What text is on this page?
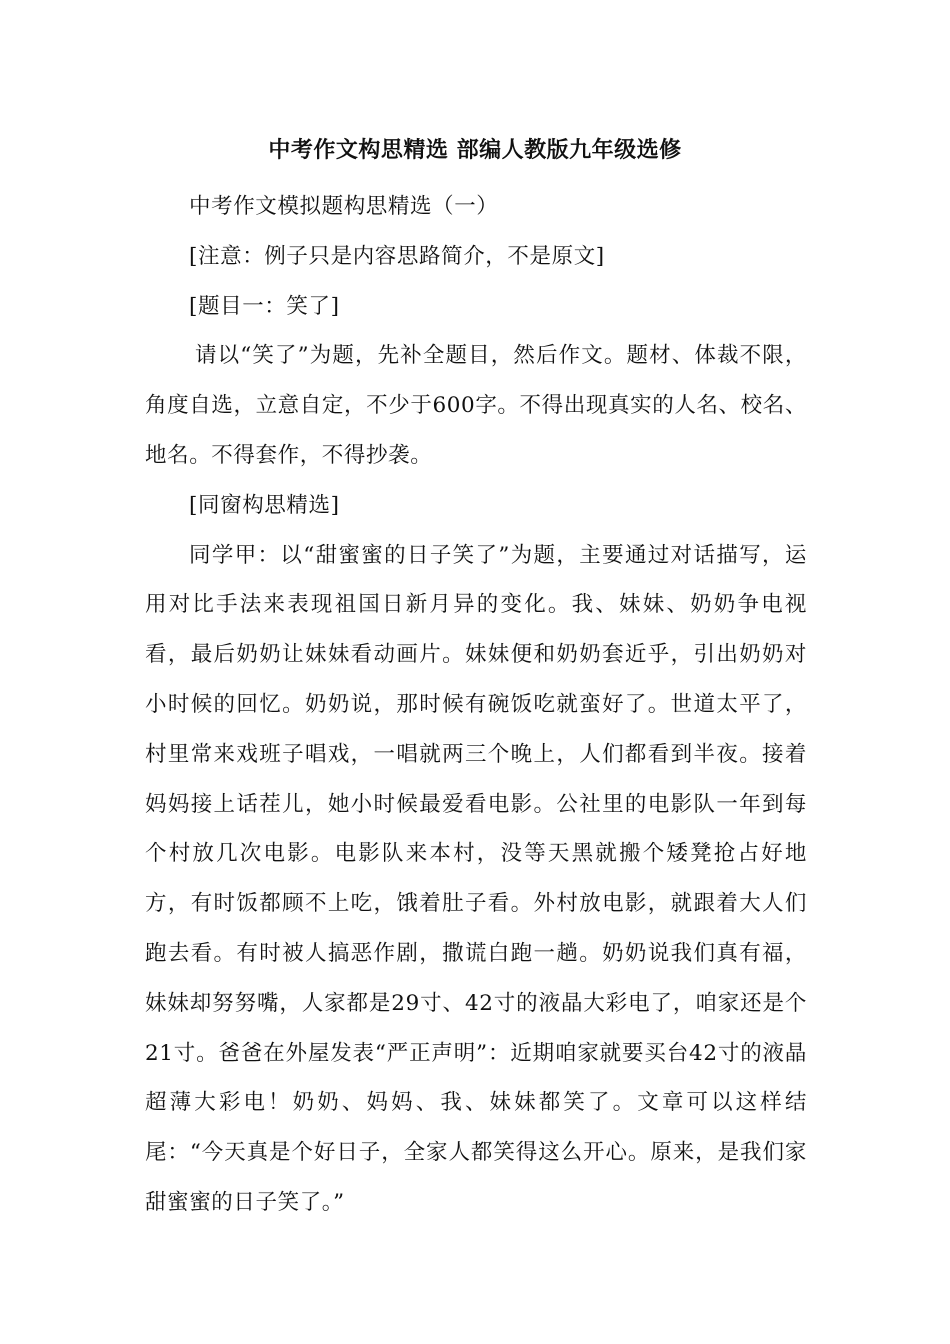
中考作文构思精选 部编人教版九年级选修

中考作文模拟题构思精选（一）

[注意：例子只是内容思路简介，不是原文]

[题目一：笑了]

请以“笑了”为题，先补全题目，然后作文。题材、体裁不限，角度自选，立意自定，不少于600字。不得出现真实的人名、校名、地名。不得套作，不得抄袭。

[同窗构思精选]

同学甲：以“甜蜜蜜的日子笑了”为题，主要通过对话描写，运用对比手法来表现祖国日新月异的变化。我、妹妹、奶奶争电视看，最后奶奶让妹妹看动画片。妹妹便和奶奶套近乎，引出奶奶对小时候的回忆。奶奶说，那时候有碗饭吃就蛮好了。世道太平了，村里常来戏班子唱戏，一唱就两三个晚上，人们都看到半夜。接着妈妈接上话茬儿，她小时候最爱看电影。公社里的电影队一年到每个村放几次电影。电影队来本村，没等天黑就搬个矮凳抢占好地方，有时饭都顾不上吃，饿着肚子看。外村放电影，就跟着大人们跑去看。有时被人搞恶作剧，撒谎白跑一趟。奶奶说我们真有福，妹妹却努努嘴，人家都是29寸、42寸的液晶大彩电了，咱家还是个21寸。爸爸在外屋发表“严正声明”：近期咱家就要买台42寸的液晶超薄大彩电！奶奶、妈妈、我、妹妹都笑了。文章可以这样结尾：“今天真是个好日子，全家人都笑得这么开心。原来，是我们家甜蜜蜜的日子笑了。”
